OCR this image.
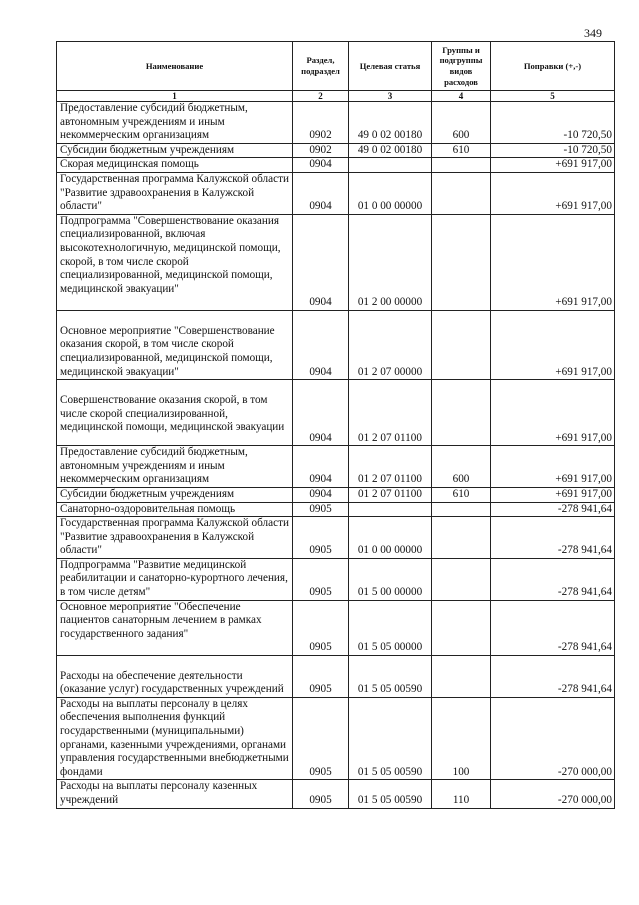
349
Наименование	Раздел, подраздел	Целевая статья	Группы и подгруппы видов расходов	Поправки (+,-)
1	2	3	4	5
Предоставление субсидий бюджетным, автономным учреждениям и иным некоммерческим организациям	0902	49 0 02 00180	600	-10 720,50
Субсидии бюджетным учреждениям	0902	49 0 02 00180	610	-10 720,50
Скорая медицинская помощь	0904			+691 917,00
Государственная программа Калужской области "Развитие здравоохранения в Калужской области"	0904	01 0 00 00000		+691 917,00
Подпрограмма "Совершенствование оказания специализированной, включая высокотехнологичную, медицинской помощи, скорой, в том числе скорой специализированной, медицинской помощи, медицинской эвакуации"	0904	01 2 00 00000		+691 917,00
Основное мероприятие "Совершенствование оказания скорой, в том числе скорой специализированной, медицинской помощи, медицинской эвакуации"	0904	01 2 07 00000		+691 917,00
Совершенствование оказания скорой, в том числе скорой специализированной, медицинской помощи, медицинской эвакуации	0904	01 2 07 01100		+691 917,00
Предоставление субсидий бюджетным, автономным учреждениям и иным некоммерческим организациям	0904	01 2 07 01100	600	+691 917,00
Субсидии бюджетным учреждениям	0904	01 2 07 01100	610	+691 917,00
Санаторно-оздоровительная помощь	0905			-278 941,64
Государственная программа Калужской области "Развитие здравоохранения в Калужской области"	0905	01 0 00 00000		-278 941,64
Подпрограмма "Развитие медицинской реабилитации и санаторно-курортного лечения, в том числе детям"	0905	01 5 00 00000		-278 941,64
Основное мероприятие "Обеспечение пациентов санаторным лечением в рамках государственного задания"	0905	01 5 05 00000		-278 941,64
Расходы на обеспечение деятельности (оказание услуг) государственных учреждений	0905	01 5 05 00590		-278 941,64
Расходы на выплаты персоналу в целях обеспечения выполнения функций государственными (муниципальными) органами, казенными учреждениями, органами управления государственными внебюджетными фондами	0905	01 5 05 00590	100	-270 000,00
Расходы на выплаты персоналу казенных учреждений	0905	01 5 05 00590	110	-270 000,00
